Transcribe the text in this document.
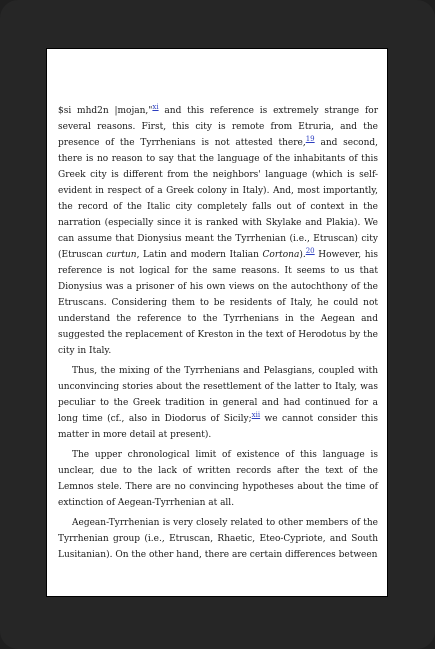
$si mhd2n |mojan,"$^{xi}$ and this reference is extremely strange for several reasons. First, this city is remote from Etruria, and the presence of the Tyrrhenians is not attested there,$^{19}$ and second, there is no reason to say that the language of the inhabitants of this Greek city is different from the neighbors' language (which is self-evident in respect of a Greek colony in Italy). And, most importantly, the record of the Italic city completely falls out of context in the narration (especially since it is ranked with Skylake and Plakia). We can assume that Dionysius meant the Tyrrhenian (i.e., Etruscan) city (Etruscan curtun, Latin and modern Italian Cortona).$^{20}$ However, his reference is not logical for the same reasons. It seems to us that Dionysius was a prisoner of his own views on the autochthony of the Etruscans. Considering them to be residents of Italy, he could not understand the reference to the Tyrrhenians in the Aegean and suggested the replacement of Kreston in the text of Herodotus by the city in Italy.

Thus, the mixing of the Tyrrhenians and Pelasgians, coupled with unconvincing stories about the resettlement of the latter to Italy, was peculiar to the Greek tradition in general and had continued for a long time (cf., also in Diodorus of Sicily;$^{xii}$ we cannot consider this matter in more detail at present).

The upper chronological limit of existence of this language is unclear, due to the lack of written records after the text of the Lemnos stele. There are no convincing hypotheses about the time of extinction of Aegean-Tyrrhenian at all.

Aegean-Tyrrhenian is very closely related to other members of the Tyrrhenian group (i.e., Etruscan, Rhaetic, Eteo-Cypriote, and South Lusitanian). On the other hand, there are certain differences between
